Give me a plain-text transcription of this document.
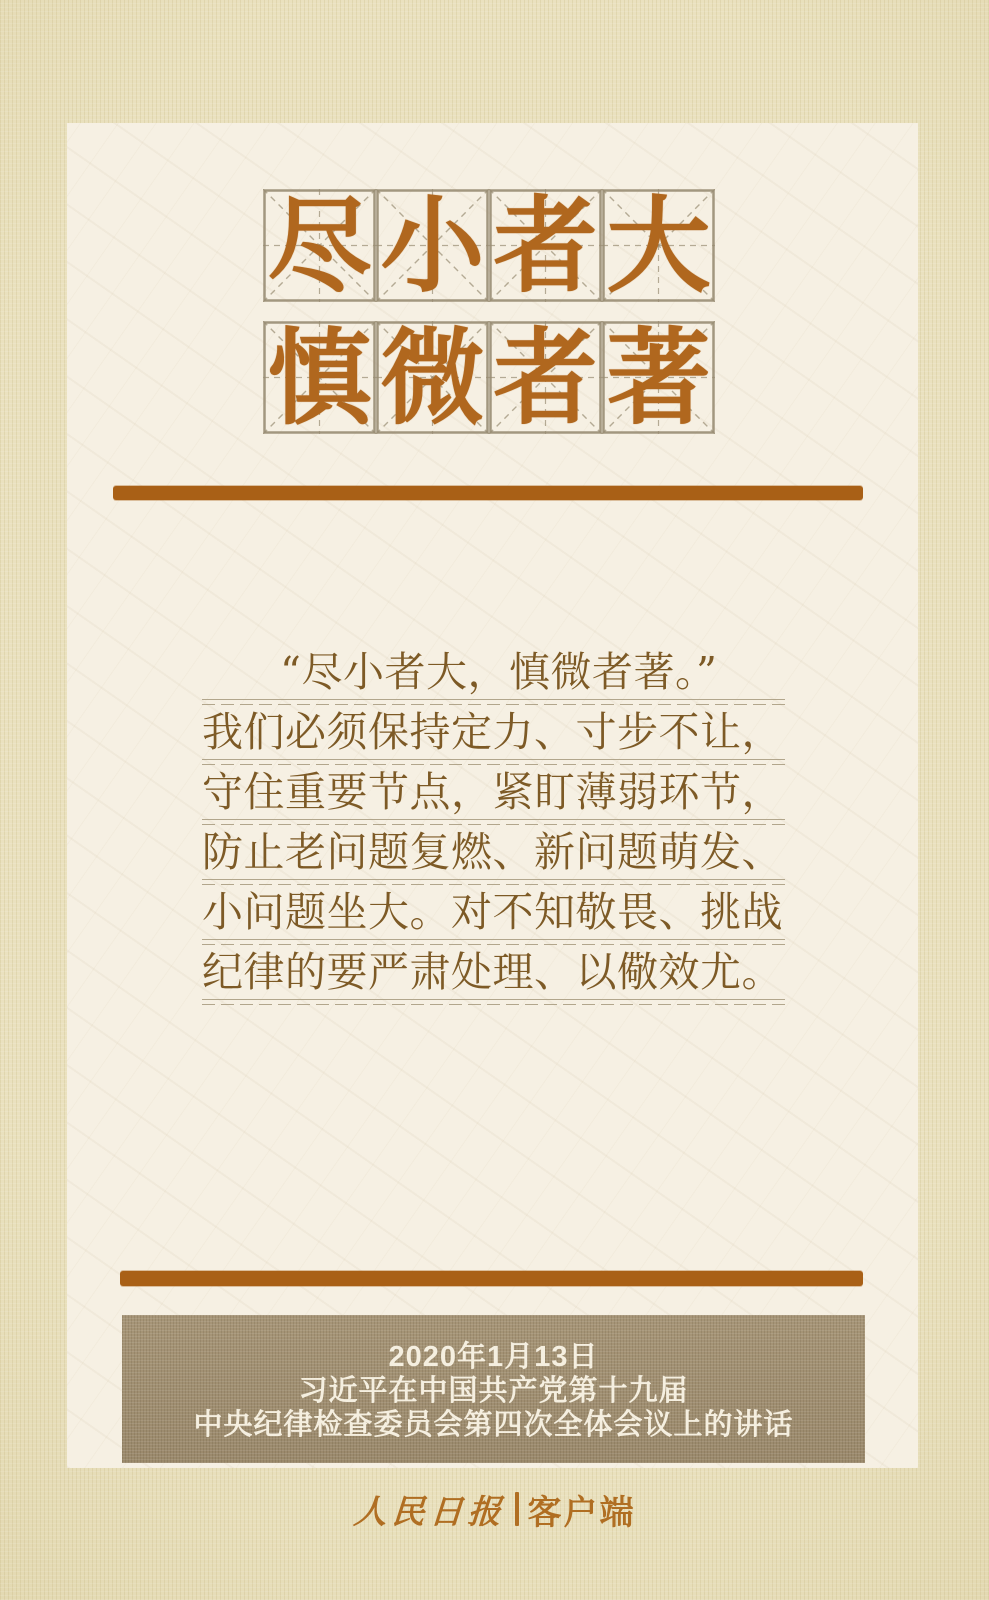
尽 小 者 大
慎 微 者 著
“尽小者大，慎微者著。”
我们必须保持定力、寸步不让，
守住重要节点，紧盯薄弱环节，
防止老问题复燃、新问题萌发、
小问题坐大。对不知敬畏、挑战
纪律的要严肃处理、以儆效尤。
2020年1月13日
习近平在中国共产党第十九届
中央纪律检查委员会第四次全体会议上的讲话
人民日报 客户端
